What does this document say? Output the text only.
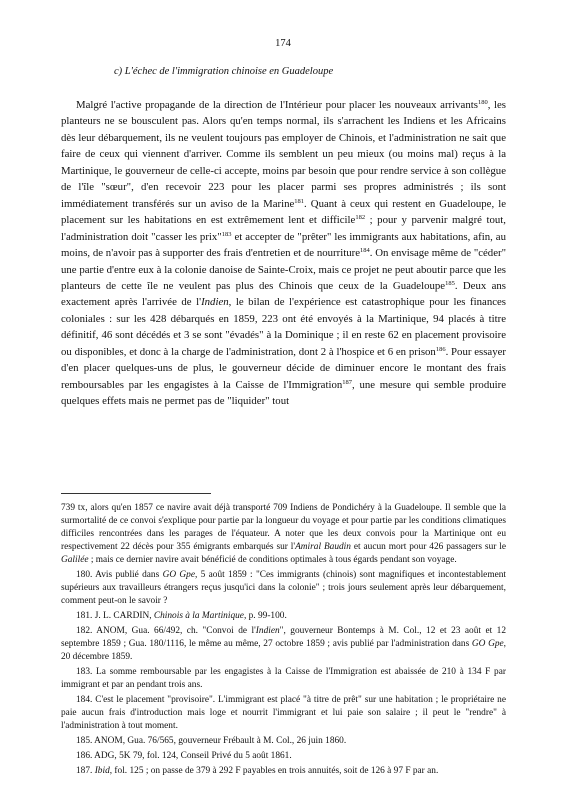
174
c) L'échec de l'immigration chinoise en Guadeloupe

Malgré l'active propagande de la direction de l'Intérieur pour placer les nouveaux arrivants$^{180}$, les planteurs ne se bousculent pas. Alors qu'en temps normal, ils s'arrachent les Indiens et les Africains dès leur débarquement, ils ne veulent toujours pas employer de Chinois, et l'administration ne sait que faire de ceux qui viennent d'arriver. Comme ils semblent un peu mieux (ou moins mal) reçus à la Martinique, le gouverneur de celle-ci accepte, moins par besoin que pour rendre service à son collègue de l'île "sœur", d'en recevoir 223 pour les placer parmi ses propres administrés ; ils sont immédiatement transférés sur un aviso de la Marine$^{181}$. Quant à ceux qui restent en Guadeloupe, le placement sur les habitations en est extrêmement lent et difficile$^{182}$ ; pour y parvenir malgré tout, l'administration doit "casser les prix"$^{183}$ et accepter de "prêter" les immigrants aux habitations, afin, au moins, de n'avoir pas à supporter des frais d'entretien et de nourriture$^{184}$. On envisage même de "céder" une partie d'entre eux à la colonie danoise de Sainte-Croix, mais ce projet ne peut aboutir parce que les planteurs de cette île ne veulent pas plus des Chinois que ceux de la Guadeloupe$^{185}$. Deux ans exactement après l'arrivée de l'Indien, le bilan de l'expérience est catastrophique pour les finances coloniales : sur les 428 débarqués en 1859, 223 ont été envoyés à la Martinique, 94 placés à titre définitif, 46 sont décédés et 3 se sont "évadés" à la Dominique ; il en reste 62 en placement provisoire ou disponibles, et donc à la charge de l'administration, dont 2 à l'hospice et 6 en prison$^{186}$. Pour essayer d'en placer quelques-uns de plus, le gouverneur décide de diminuer encore le montant des frais remboursables par les engagistes à la Caisse de l'Immigration$^{187}$, une mesure qui semble produire quelques effets mais ne permet pas de "liquider" tout

739 tx, alors qu'en 1857 ce navire avait déjà transporté 709 Indiens de Pondichéry à la Guadeloupe. Il semble que la surmortalité de ce convoi s'explique pour partie par la longueur du voyage et pour partie par les conditions climatiques difficiles rencontrées dans les parages de l'équateur. A noter que les deux convois pour la Martinique ont eu respectivement 22 décès pour 355 émigrants embarqués sur l'Amiral Baudin et aucun mort pour 426 passagers sur le Galilée ; mais ce dernier navire avait bénéficié de conditions optimales à tous égards pendant son voyage.

180. Avis publié dans GO Gpe, 5 août 1859 : "Ces immigrants (chinois) sont magnifiques et incontestablement supérieurs aux travailleurs étrangers reçus jusqu'ici dans la colonie" ; trois jours seulement après leur débarquement, comment peut-on le savoir ?

181. J. L. CARDIN, Chinois à la Martinique, p. 99-100.

182. ANOM, Gua. 66/492, ch. "Convoi de l'Indien", gouverneur Bontemps à M. Col., 12 et 23 août et 12 septembre 1859 ; Gua. 180/1116, le même au même, 27 octobre 1859 ; avis publié par l'administration dans GO Gpe, 20 décembre 1859.

183. La somme remboursable par les engagistes à la Caisse de l'Immigration est abaissée de 210 à 134 F par immigrant et par an pendant trois ans.

184. C'est le placement "provisoire". L'immigrant est placé "à titre de prêt" sur une habitation ; le propriétaire ne paie aucun frais d'introduction mais loge et nourrit l'immigrant et lui paie son salaire ; il peut le "rendre" à l'administration à tout moment.

185. ANOM, Gua. 76/565, gouverneur Frébault à M. Col., 26 juin 1860.

186. ADG, 5K 79, fol. 124, Conseil Privé du 5 août 1861.

187. Ibid, fol. 125 ; on passe de 379 à 292 F payables en trois annuités, soit de 126 à 97 F par an.
